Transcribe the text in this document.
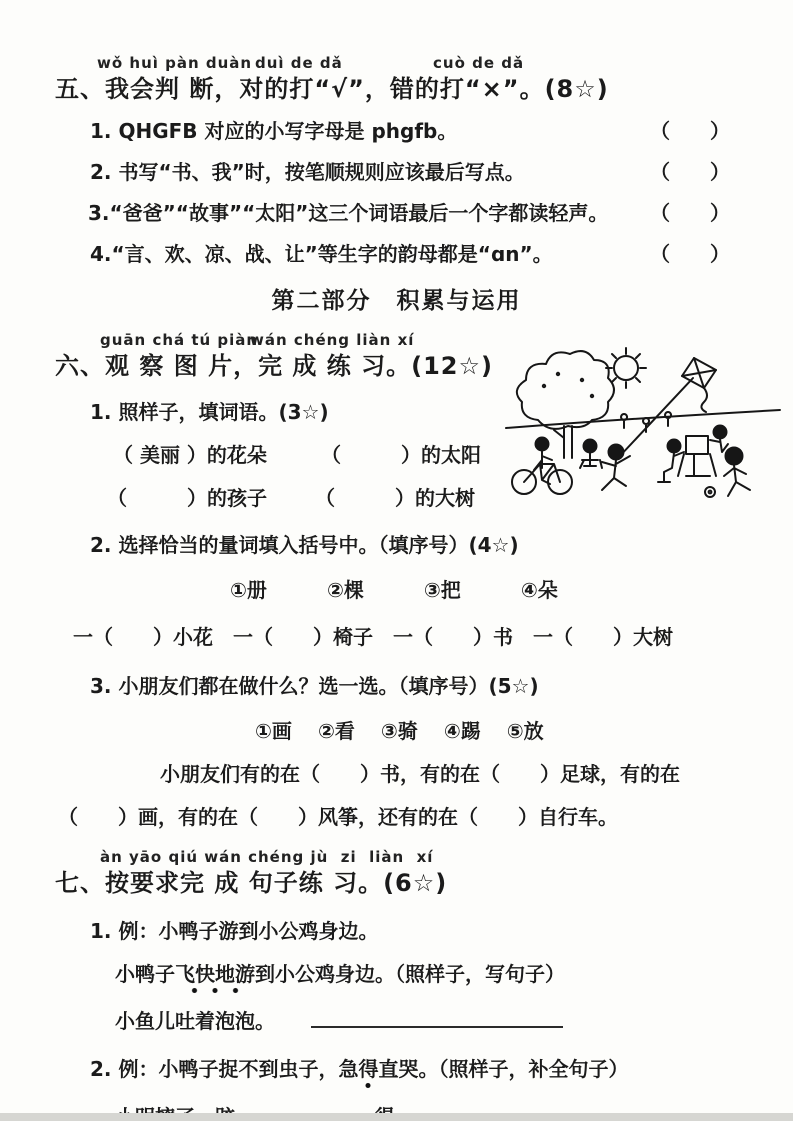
wǒ huì pàn duàn duì de dǎ	cuò de dǎ
五、我会判 断，对的打“√”，错的打“×”。(8☆)
1. QHGFB 对应的小写字母是 phgfb。	（　　）
2. 书写“书、我”时，按笔顺规则应该最后写点。	（　　）
3.“爸爸”“故事”“太阳”这三个词语最后一个字都读轻声。 （　　）
4.“言、欢、凉、战、让”等生字的韵母都是“ɑn”。	（　　）
第二部分　积累与运用
guān chá tú piàn
wán chéng liàn xí
六、观 察 图 片，完 成 练 习。(12☆)
1. 照样子，填词语。(3☆)
（ 美丽 ）的花朵	（　　　）的太阳
（　　　）的孩子	（　　　）的大树
2. 选择恰当的量词填入括号中。（填序号）(4☆)
①册	②棵	③把	④朵
一（　　）小花 一（　　）椅子 一（　　）书 一（　　）大树
3. 小朋友们都在做什么？选一选。（填序号）(5☆)
①画 ②看 ③骑 ④踢 ⑤放
小朋友们有的在（　　）书，有的在（　　）足球，有的在
（　　）画，有的在（　　）风筝，还有的在（　　）自行车。
àn yāo qiú wán chéng jù  zi  liàn  xí
七、按要求完 成 句子练 习。(6☆)
1. 例：小鸭子游到小公鸡身边。
小鸭子飞快地游到小公鸡身边。（照样子，写句子）
小鱼儿吐着泡泡。
2. 例：小鸭子捉不到虫子，急得直哭。（照样子，补全句子）
